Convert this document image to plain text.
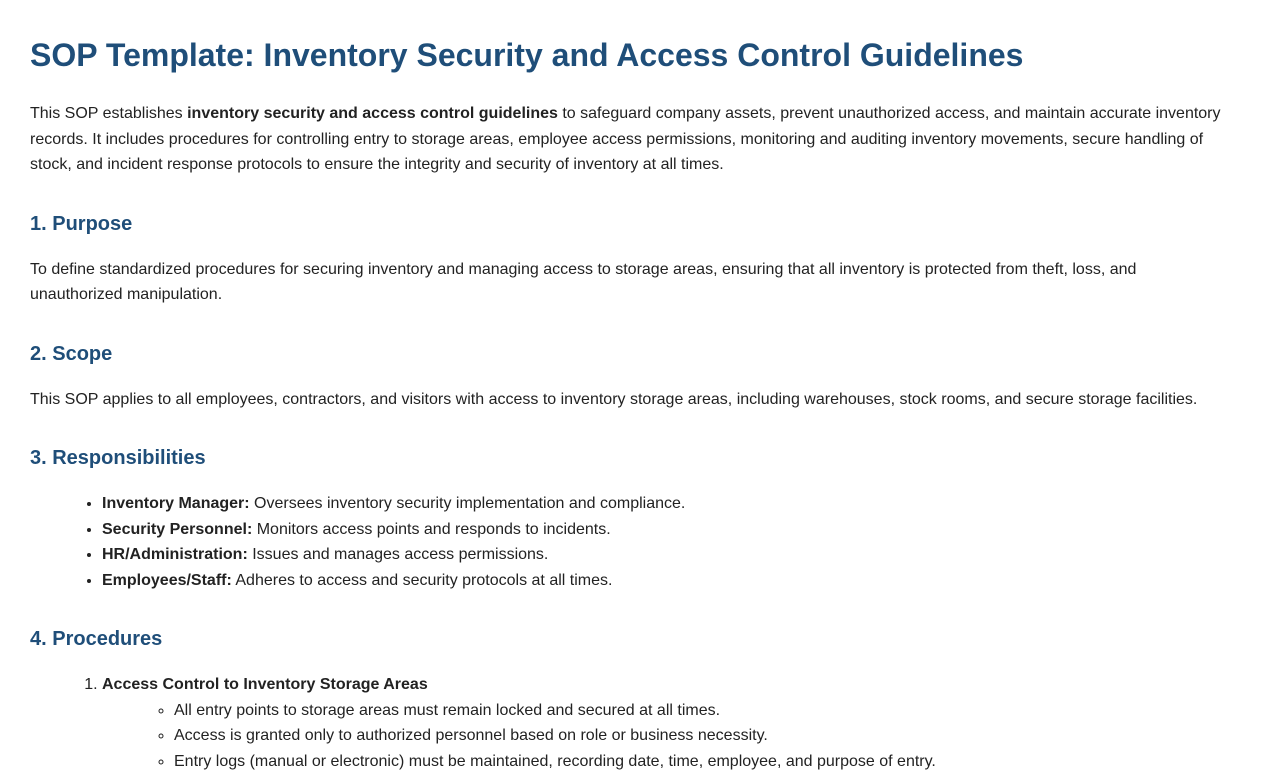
SOP Template: Inventory Security and Access Control Guidelines

This SOP establishes inventory security and access control guidelines to safeguard company assets, prevent unauthorized access, and maintain accurate inventory records. It includes procedures for controlling entry to storage areas, employee access permissions, monitoring and auditing inventory movements, secure handling of stock, and incident response protocols to ensure the integrity and security of inventory at all times.

1. Purpose

To define standardized procedures for securing inventory and managing access to storage areas, ensuring that all inventory is protected from theft, loss, and unauthorized manipulation.

2. Scope

This SOP applies to all employees, contractors, and visitors with access to inventory storage areas, including warehouses, stock rooms, and secure storage facilities.

3. Responsibilities
• Inventory Manager: Oversees inventory security implementation and compliance.
• Security Personnel: Monitors access points and responds to incidents.
• HR/Administration: Issues and manages access permissions.
• Employees/Staff: Adheres to access and security protocols at all times.
4. Procedures
1. Access Control to Inventory Storage Areas
◦ All entry points to storage areas must remain locked and secured at all times.
◦ Access is granted only to authorized personnel based on role or business necessity.
◦ Entry logs (manual or electronic) must be maintained, recording date, time, employee, and purpose of entry.
